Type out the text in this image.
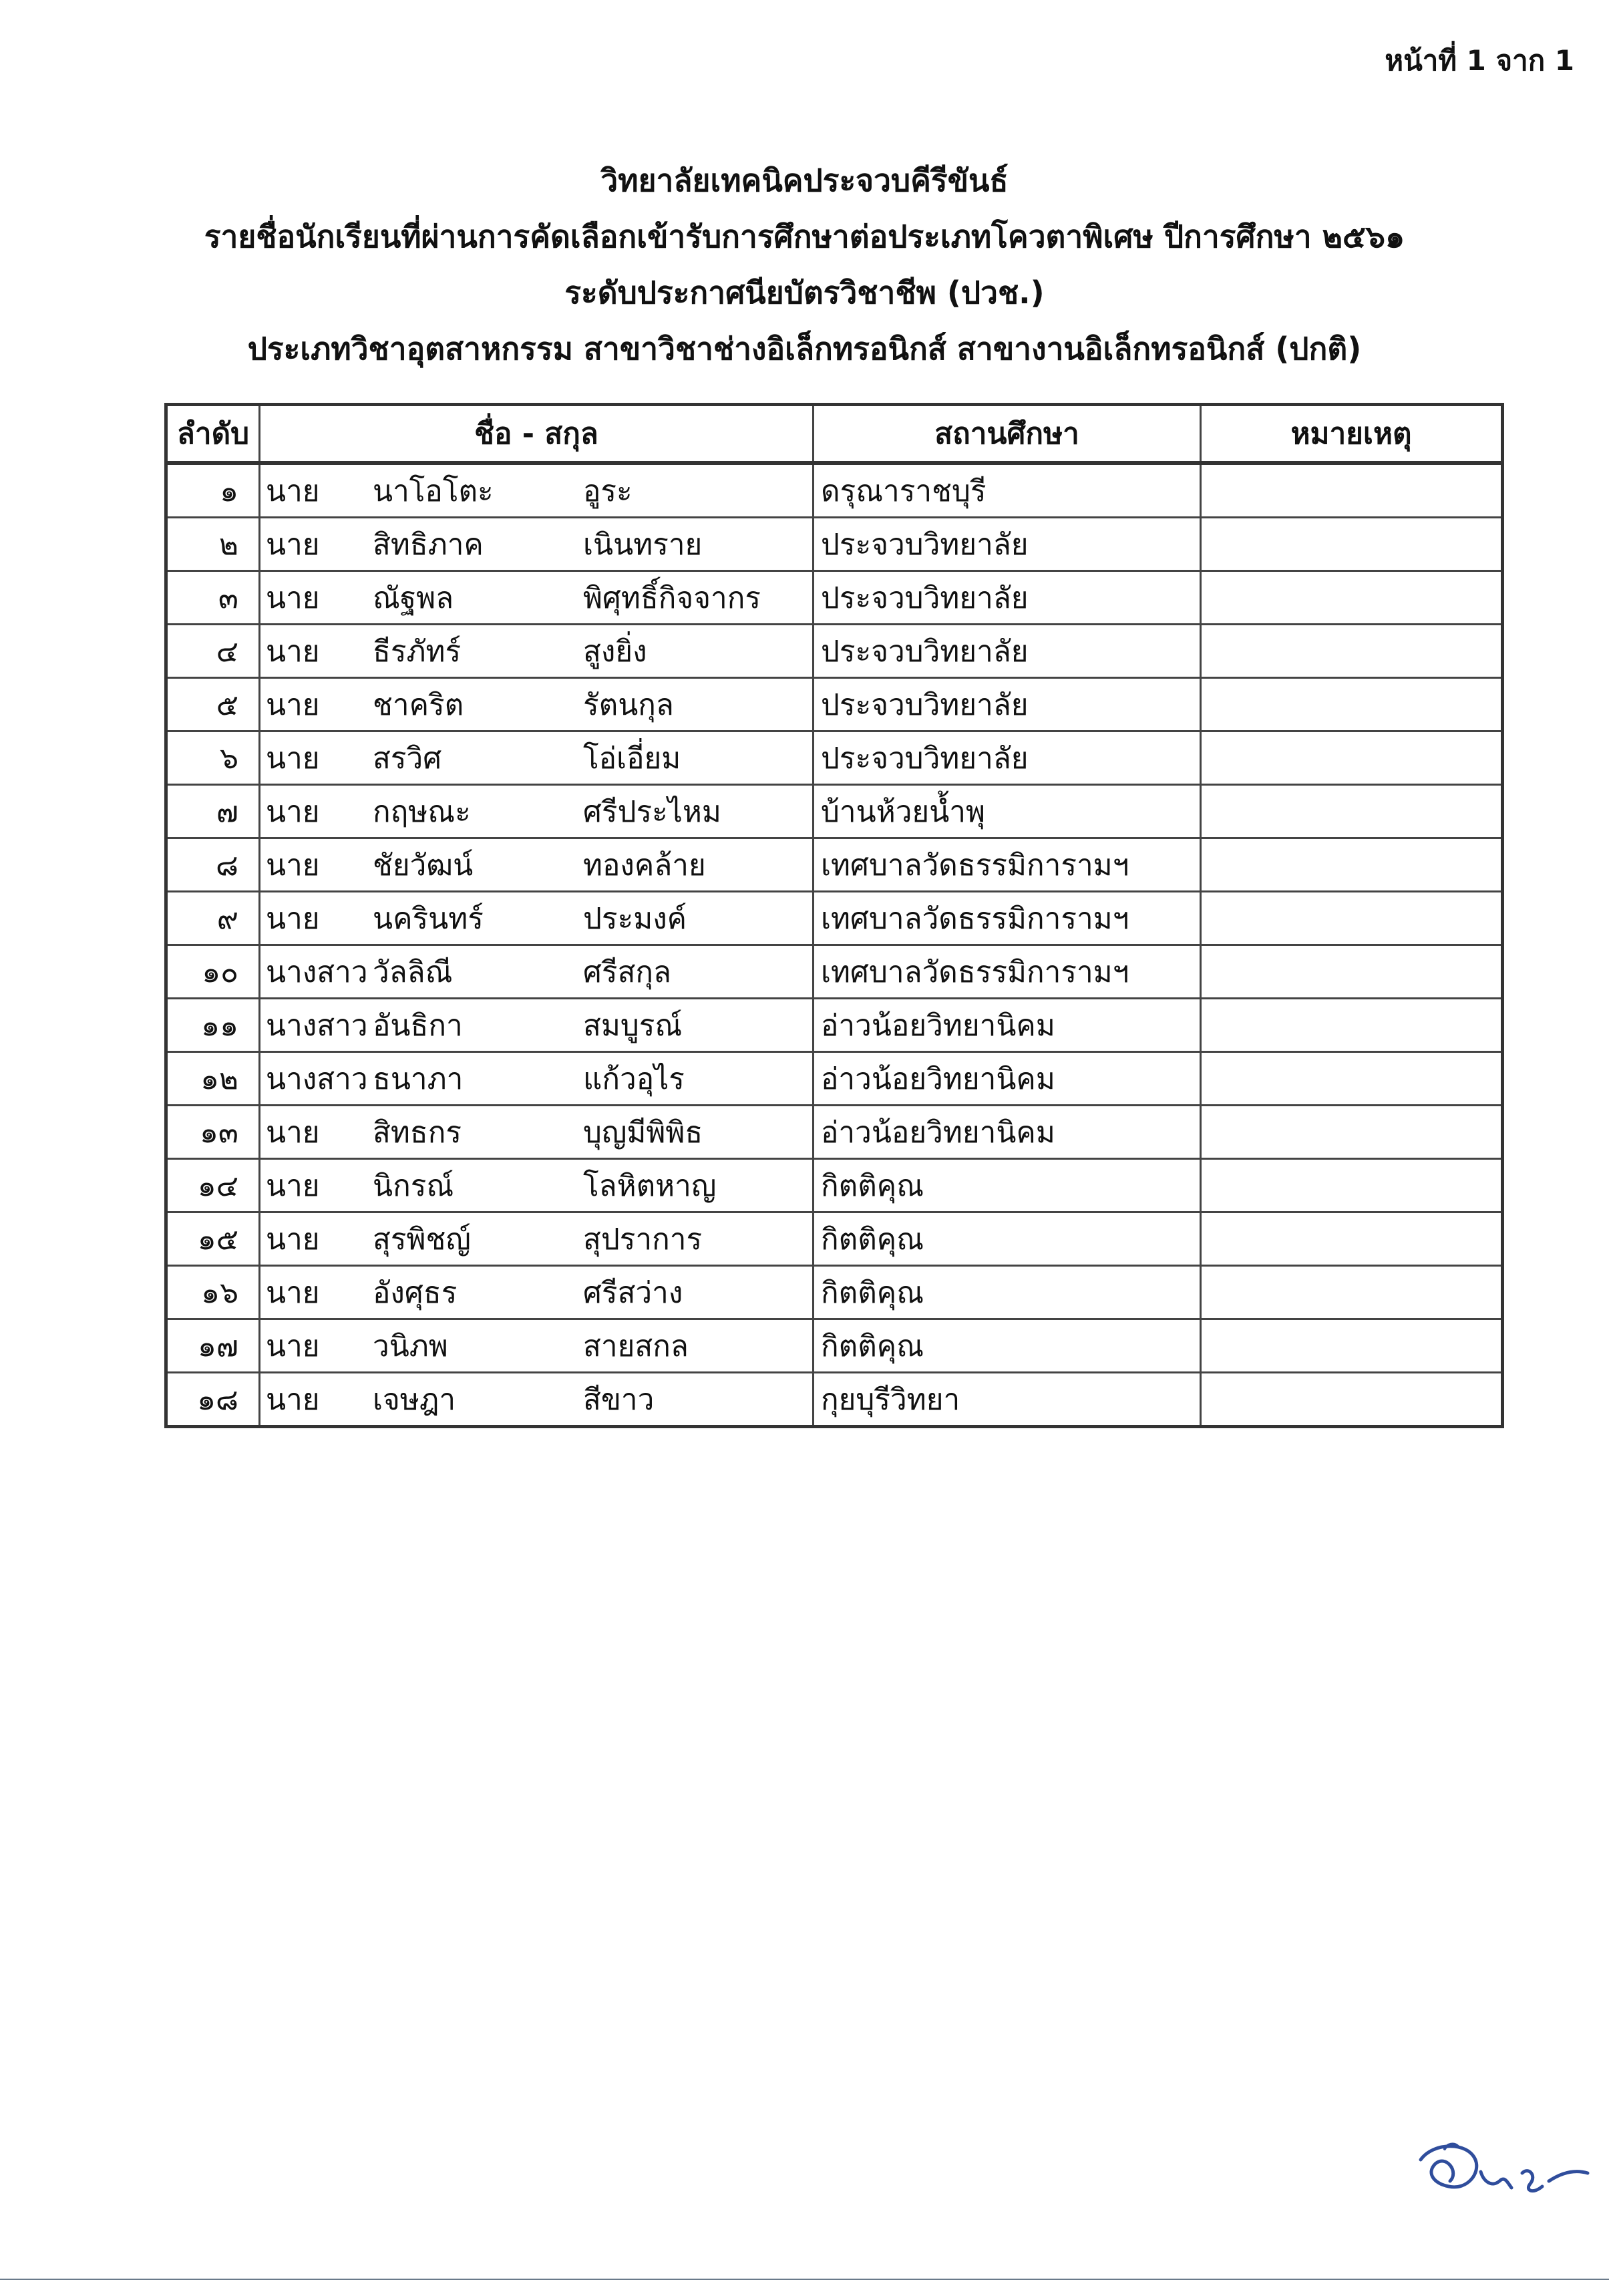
หน้าที่ 1 จาก 1
วิทยาลัยเทคนิคประจวบคีรีขันธ์
รายชื่อนักเรียนที่ผ่านการคัดเลือกเข้ารับการศึกษาต่อประเภทโควตาพิเศษ ปีการศึกษา ๒๕๖๑
ระดับประกาศนียบัตรวิชาชีพ (ปวช.)
ประเภทวิชาอุตสาหกรรม สาขาวิชาช่างอิเล็กทรอนิกส์ สาขางานอิเล็กทรอนิกส์ (ปกติ)
ลำดับ	ชื่อ - สกุล	สถานศึกษา	หมายเหตุ
๑	นาย นาโอโตะ อูระ	ดรุณาราชบุรี	
๒	นาย สิทธิภาค เนินทราย	ประจวบวิทยาลัย	
๓	นาย ณัฐพล พิศุทธิ์กิจจากร	ประจวบวิทยาลัย	
๔	นาย ธีรภัทร์ สูงยิ่ง	ประจวบวิทยาลัย	
๕	นาย ชาคริต รัตนกุล	ประจวบวิทยาลัย	
๖	นาย สรวิศ โอ่เอี่ยม	ประจวบวิทยาลัย	
๗	นาย กฤษณะ ศรีประไหม	บ้านห้วยน้ำพุ	
๘	นาย ชัยวัฒน์ ทองคล้าย	เทศบาลวัดธรรมิการามฯ	
๙	นาย นครินทร์ ประมงค์	เทศบาลวัดธรรมิการามฯ	
๑๐	นางสาว วัลลิณี ศรีสกุล	เทศบาลวัดธรรมิการามฯ	
๑๑	นางสาว อันธิกา สมบูรณ์	อ่าวน้อยวิทยานิคม	
๑๒	นางสาว ธนาภา แก้วอุไร	อ่าวน้อยวิทยานิคม	
๑๓	นาย สิทธกร บุญมีพิพิธ	อ่าวน้อยวิทยานิคม	
๑๔	นาย นิกรณ์ โลหิตหาญ	กิตติคุณ	
๑๕	นาย สุรพิชญ์ สุปราการ	กิตติคุณ	
๑๖	นาย อังศุธร ศรีสว่าง	กิตติคุณ	
๑๗	นาย วนิภพ สายสกล	กิตติคุณ	
๑๘	นาย เจษฎา สีขาว	กุยบุรีวิทยา	
